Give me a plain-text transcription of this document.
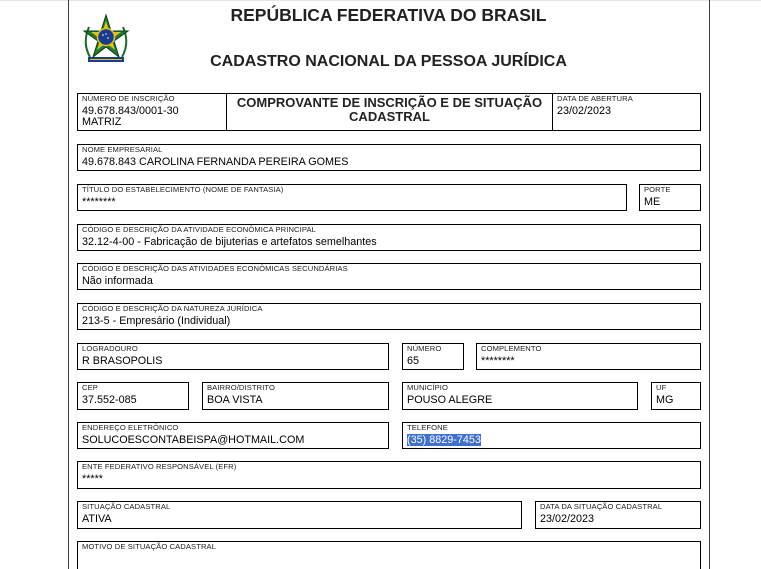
REPÚBLICA FEDERATIVA DO BRASIL
CADASTRO NACIONAL DA PESSOA JURÍDICA
NÚMERO DE INSCRIÇÃO
49.678.843/0001-30
MATRIZ
COMPROVANTE DE INSCRIÇÃO E DE SITUAÇÃO CADASTRAL
DATA DE ABERTURA
23/02/2023
NOME EMPRESARIAL
49.678.843 CAROLINA FERNANDA PEREIRA GOMES
TÍTULO DO ESTABELECIMENTO (NOME DE FANTASIA)
********
PORTE
ME
CÓDIGO E DESCRIÇÃO DA ATIVIDADE ECONÔMICA PRINCIPAL
32.12-4-00 - Fabricação de bijuterias e artefatos semelhantes
CÓDIGO E DESCRIÇÃO DAS ATIVIDADES ECONÔMICAS SECUNDÁRIAS
Não informada
CÓDIGO E DESCRIÇÃO DA NATUREZA JURÍDICA
213-5 - Empresário (Individual)
LOGRADOURO
R BRASOPOLIS
NÚMERO
65
COMPLEMENTO
********
CEP
37.552-085
BAIRRO/DISTRITO
BOA VISTA
MUNICÍPIO
POUSO ALEGRE
UF
MG
ENDEREÇO ELETRÔNICO
SOLUCOESCONTABEISPA@HOTMAIL.COM
TELEFONE
(35) 8829-7453
ENTE FEDERATIVO RESPONSÁVEL (EFR)
*****
SITUAÇÃO CADASTRAL
ATIVA
DATA DA SITUAÇÃO CADASTRAL
23/02/2023
MOTIVO DE SITUAÇÃO CADASTRAL
